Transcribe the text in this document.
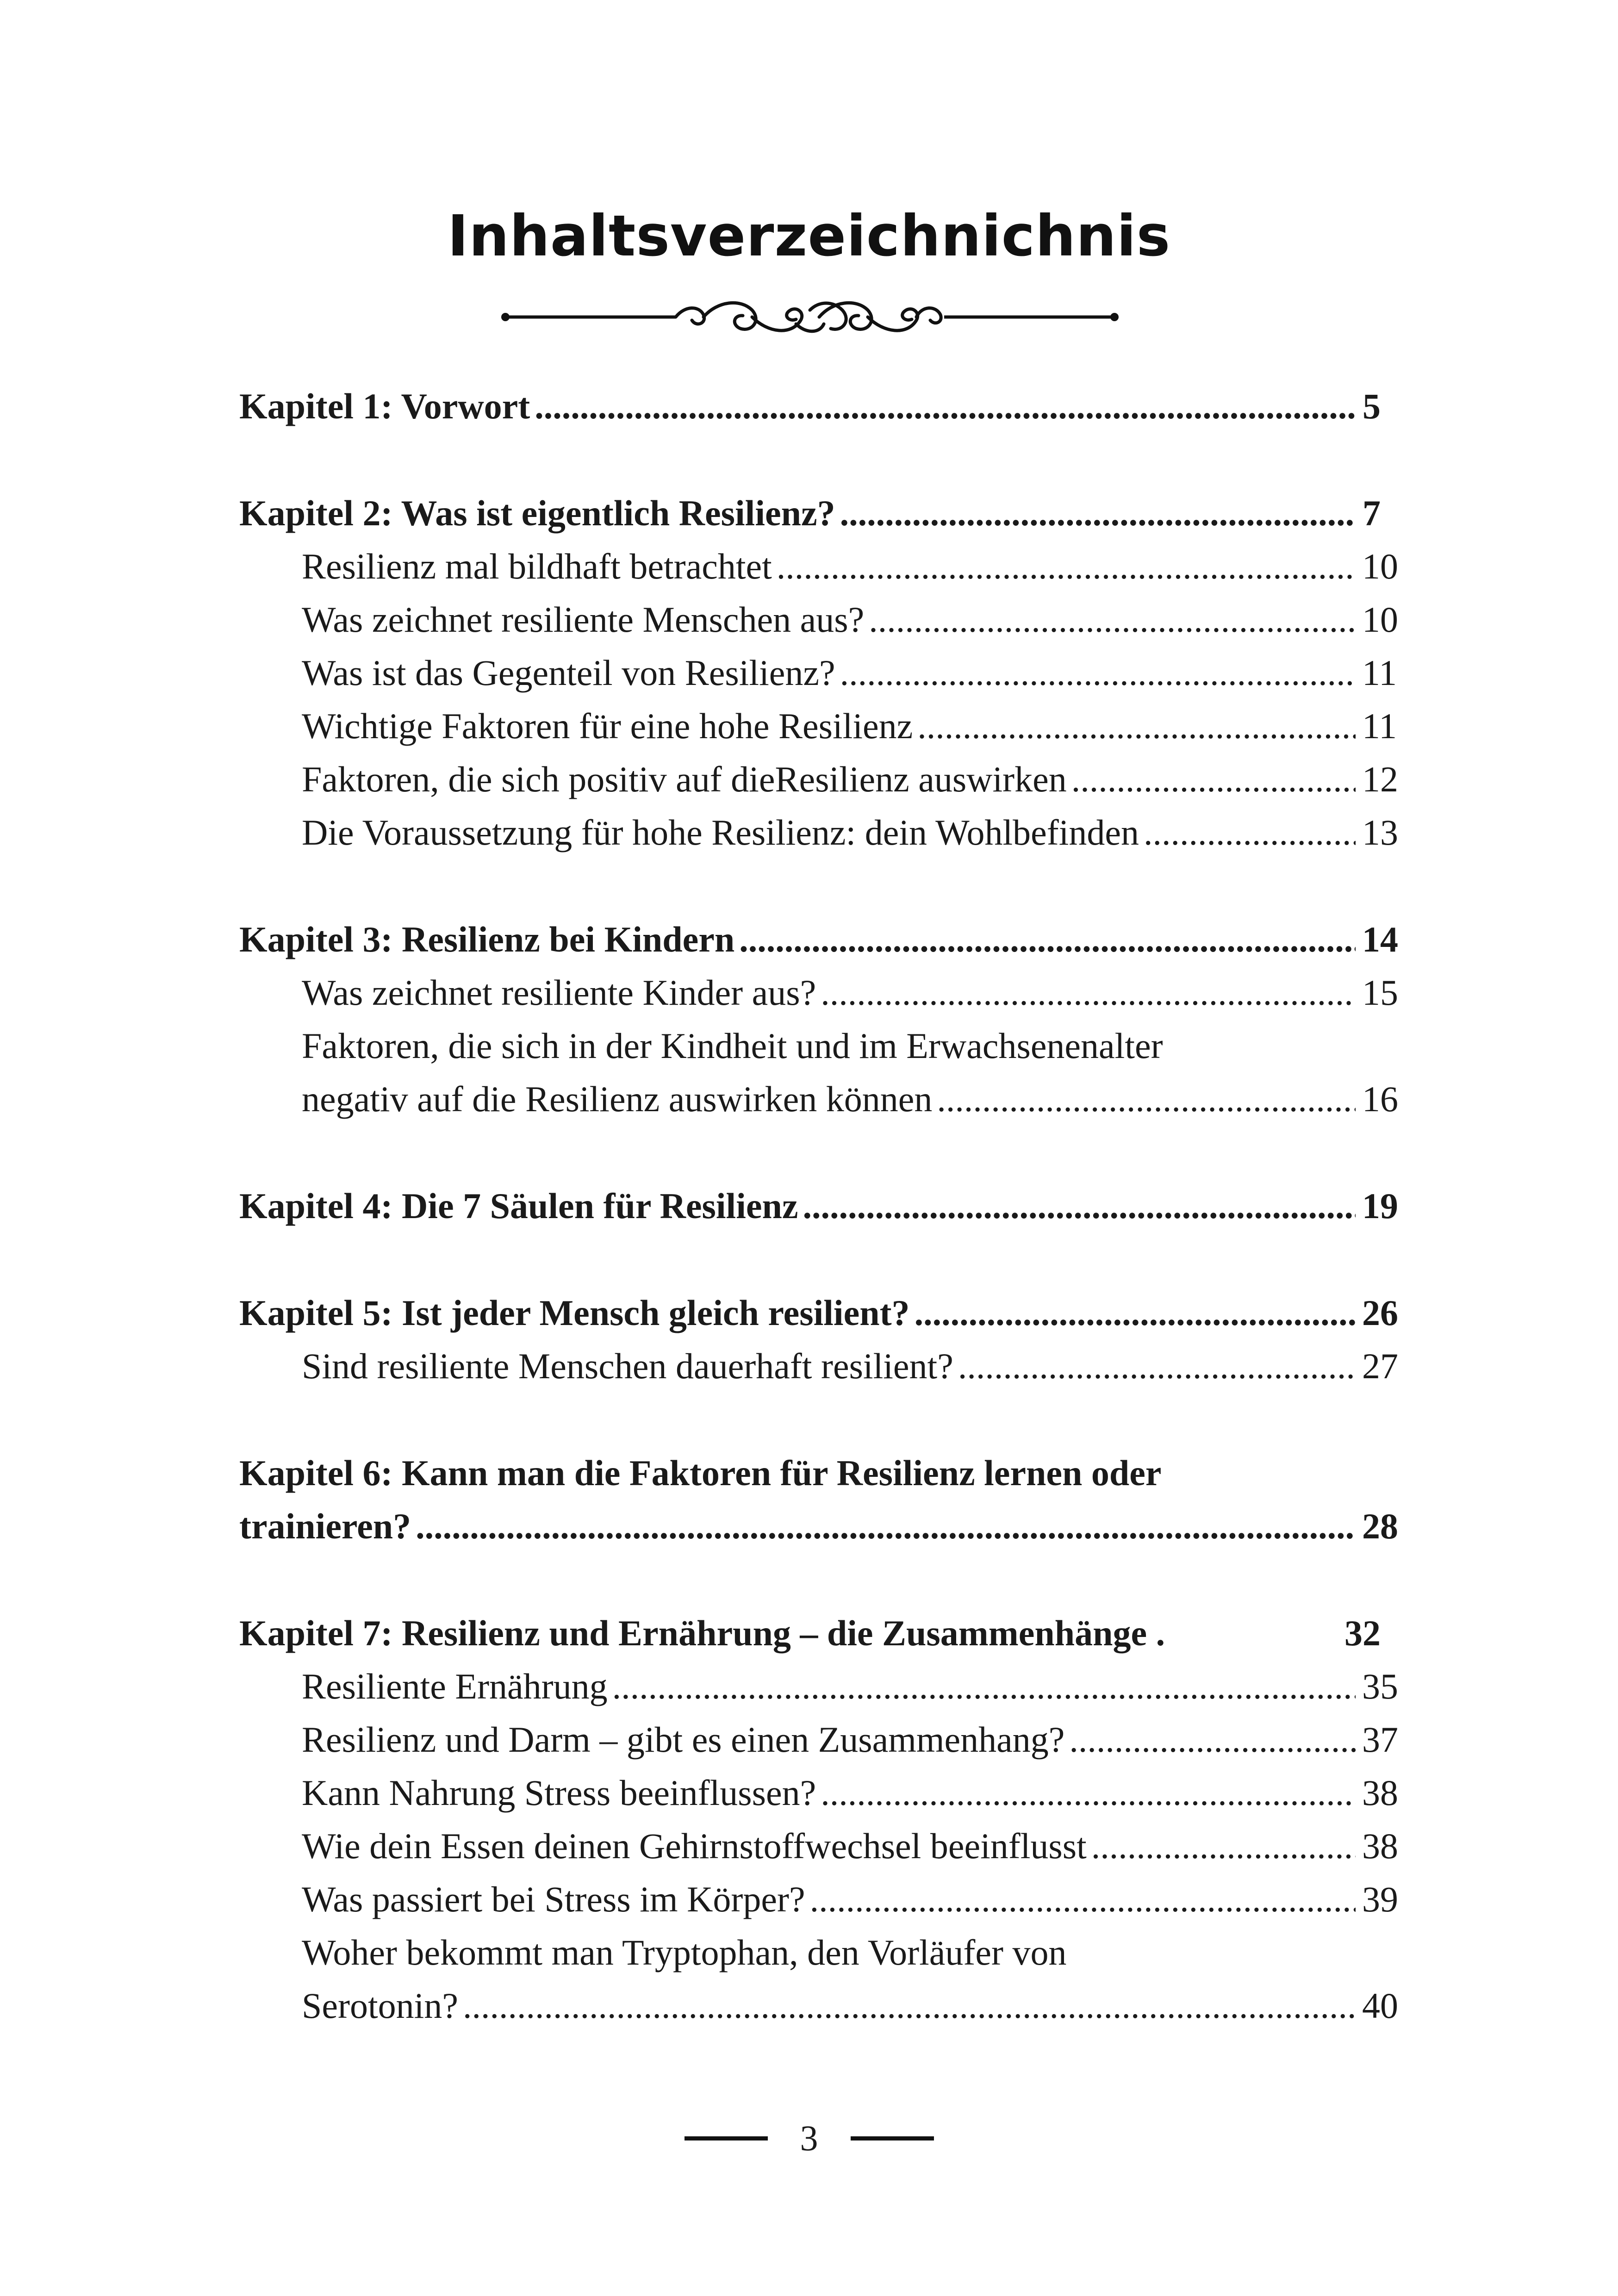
Inhaltsverzeichnichnis
Kapitel 1: Vorwort .....	5
Kapitel 2: Was ist eigentlich Resilienz? .....	7
Resilienz mal bildhaft betrachtet .....	10
Was zeichnet resiliente Menschen aus? .....	10
Was ist das Gegenteil von Resilienz? .....	11
Wichtige Faktoren für eine hohe Resilienz .....	11
Faktoren, die sich positiv auf dieResilienz auswirken .....	12
Die Voraussetzung für hohe Resilienz: dein Wohlbefinden .....	13
Kapitel 3: Resilienz bei Kindern .....	14
Was zeichnet resiliente Kinder aus? .....	15
Faktoren, die sich in der Kindheit und im Erwachsenenalter
negativ auf die Resilienz auswirken können .....	16
Kapitel 4: Die 7 Säulen für Resilienz .....	19
Kapitel 5: Ist jeder Mensch gleich resilient? .....	26
Sind resiliente Menschen dauerhaft resilient? .....	27
Kapitel 6: Kann man die Faktoren für Resilienz lernen oder
trainieren? .....	28
Kapitel 7: Resilienz und Ernährung – die Zusammenhänge .	32
Resiliente Ernährung .....	35
Resilienz und Darm – gibt es einen Zusammenhang? .....	37
Kann Nahrung Stress beeinflussen? .....	38
Wie dein Essen deinen Gehirnstoffwechsel beeinflusst .....	38
Was passiert bei Stress im Körper? .....	39
Woher bekommt man Tryptophan, den Vorläufer von
Serotonin? .....	40
3
